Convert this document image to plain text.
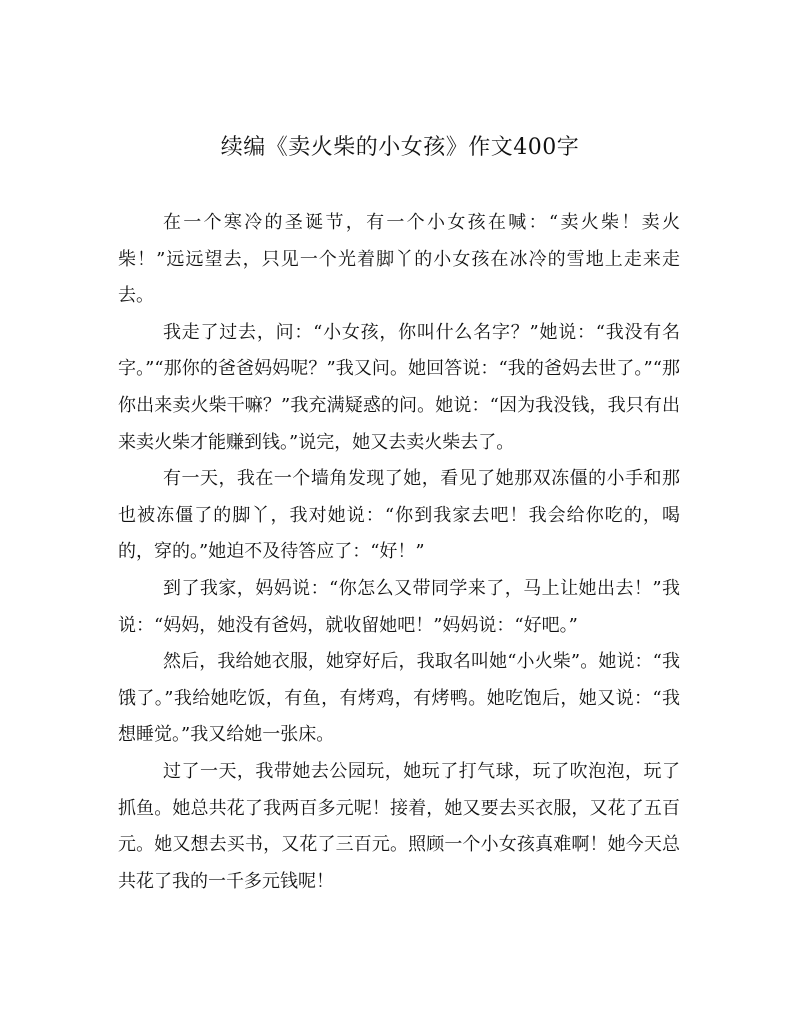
续编《卖火柴的小女孩》作文400字

在一个寒冷的圣诞节，有一个小女孩在喊：“卖火柴！卖火柴！”远远望去，只见一个光着脚丫的小女孩在冰冷的雪地上走来走去。

我走了过去，问：“小女孩，你叫什么名字？”她说：“我没有名字。”“那你的爸爸妈妈呢？”我又问。她回答说：“我的爸妈去世了。”“那你出来卖火柴干嘛？”我充满疑惑的问。她说：“因为我没钱，我只有出来卖火柴才能赚到钱。”说完，她又去卖火柴去了。

有一天，我在一个墙角发现了她，看见了她那双冻僵的小手和那也被冻僵了的脚丫，我对她说：“你到我家去吧！我会给你吃的，喝的，穿的。”她迫不及待答应了：“好！”

到了我家，妈妈说：“你怎么又带同学来了，马上让她出去！”我说：“妈妈，她没有爸妈，就收留她吧！”妈妈说：“好吧。”

然后，我给她衣服，她穿好后，我取名叫她“小火柴”。她说：“我饿了。”我给她吃饭，有鱼，有烤鸡，有烤鸭。她吃饱后，她又说：“我想睡觉。”我又给她一张床。

过了一天，我带她去公园玩，她玩了打气球，玩了吹泡泡，玩了抓鱼。她总共花了我两百多元呢！接着，她又要去买衣服，又花了五百元。她又想去买书，又花了三百元。照顾一个小女孩真难啊！她今天总共花了我的一千多元钱呢！
